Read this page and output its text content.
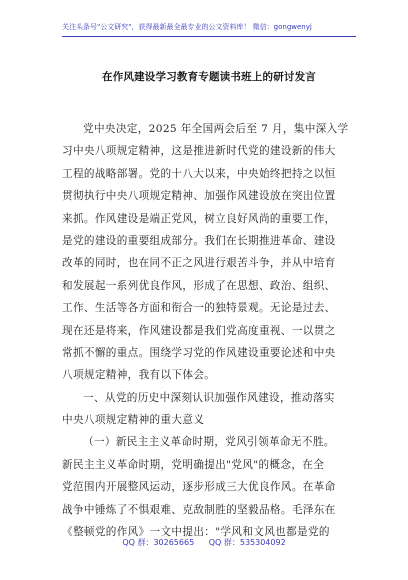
关注头条号"公文研究"，获得最新最全最专业的公文资料库！ 微信：gongwenyj
在作风建设学习教育专题读书班上的研讨发言
党中央决定，2025 年全国两会后至 7 月，集中深入学
习中央八项规定精神，这是推进新时代党的建设新的伟大
工程的战略部署。党的十八大以来，中央始终把持之以恒
贯彻执行中央八项规定精神、加强作风建设放在突出位置
来抓。作风建设是端正党风，树立良好风尚的重要工作，
是党的建设的重要组成部分。我们在长期推进革命、建设
改革的同时，也在同不正之风进行艰苦斗争，并从中培育
和发展起一系列优良作风，形成了在思想、政治、组织、
工作、生活等各方面和衔合一的独特景观。无论是过去、
现在还是将来，作风建设都是我们党高度重视、一以贯之
常抓不懈的重点。围绕学习党的作风建设重要论述和中央
八项规定精神，我有以下体会。
一、从党的历史中深刻认识加强作风建设，推动落实
中央八项规定精神的重大意义
（一）新民主主义革命时期，党风引领革命无不胜。
新民主主义革命时期，党明确提出"党风"的概念，在全
党范围内开展整风运动，逐步形成三大优良作风。在革命
战争中锤炼了不惧艰难、克敌制胜的坚毅品格。毛泽东在
《整顿党的作风》一文中提出："学风和文风也都是党的
QQ 群：30265665 QQ 群：535304092
